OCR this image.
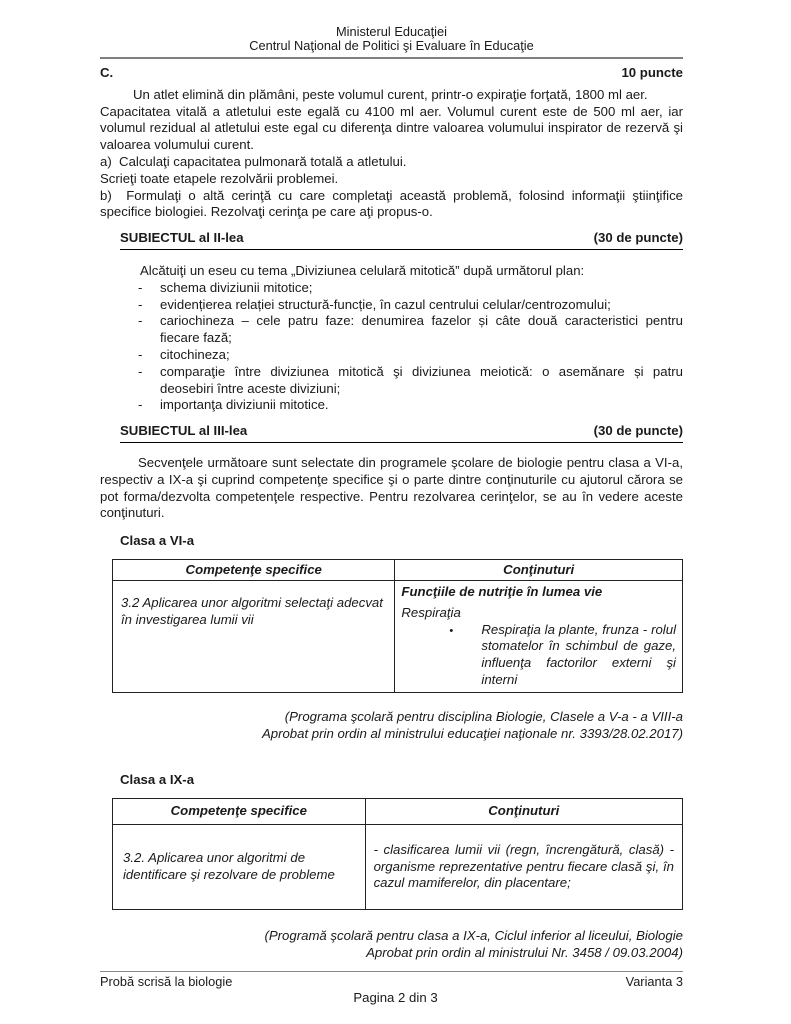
Ministerul Educaţiei
Centrul Naţional de Politici şi Evaluare în Educaţie
C.	10 puncte
Un atlet elimină din plămâni, peste volumul curent, printr-o expiraţie forţată, 1800 ml aer.
Capacitatea vitală a atletului este egală cu 4100 ml aer. Volumul curent este de 500 ml aer, iar volumul rezidual al atletului este egal cu diferenţa dintre valoarea volumului inspirator de rezervă şi valoarea volumului curent.
a)  Calculaţi capacitatea pulmonară totală a atletului.
Scrieţi toate etapele rezolvării problemei.
b)  Formulaţi o altă cerinţă cu care completaţi această problemă, folosind informaţii ştiinţifice specifice biologiei. Rezolvaţi cerinţa pe care aţi propus-o.
SUBIECTUL al II-lea	(30 de puncte)
Alcătuiţi un eseu cu tema „Diviziunea celulară mitotică” după următorul plan:
-	schema diviziunii mitotice;
-	evidențierea relației structură-funcție, în cazul centrului celular/centrozomului;
-	cariochineza – cele patru faze: denumirea fazelor și câte două caracteristici pentru fiecare fază;
-	citochineza;
-	comparaţie între diviziunea mitotică şi diviziunea meiotică: o asemănare și patru deosebiri între aceste diviziuni;
-	importanţa diviziunii mitotice.
SUBIECTUL al III-lea	(30 de puncte)
Secvenţele următoare sunt selectate din programele şcolare de biologie pentru clasa a VI-a, respectiv a IX-a şi cuprind competenţe specifice şi o parte dintre conţinuturile cu ajutorul cărora se pot forma/dezvolta competenţele respective. Pentru rezolvarea cerinţelor, se au în vedere aceste conţinuturi.
Clasa a VI-a
Competenţe specifice	Conţinuturi
3.2 Aplicarea unor algoritmi selectaţi adecvat în investigarea lumii vii	Funcţiile de nutriţie în lumea vie
Respiraţia
• Respiraţia la plante, frunza - rolul stomatelor în schimbul de gaze, influenţa factorilor externi şi interni
(Programa şcolară pentru disciplina Biologie, Clasele a V-a - a VIII-a
Aprobat prin ordin al ministrului educaţiei naţionale nr. 3393/28.02.2017)
Clasa a IX-a
Competenţe specifice	Conţinuturi
3.2. Aplicarea unor algoritmi de identificare şi rezolvare de probleme	- clasificarea lumii vii (regn, încrengătură, clasă) - organisme reprezentative pentru fiecare clasă şi, în cazul mamiferelor, din placentare;
(Programă şcolară pentru clasa a IX-a, Ciclul inferior al liceului, Biologie
Aprobat prin ordin al ministrului Nr. 3458 / 09.03.2004)
Probă scrisă la biologie	Varianta 3
Pagina 2 din 3
